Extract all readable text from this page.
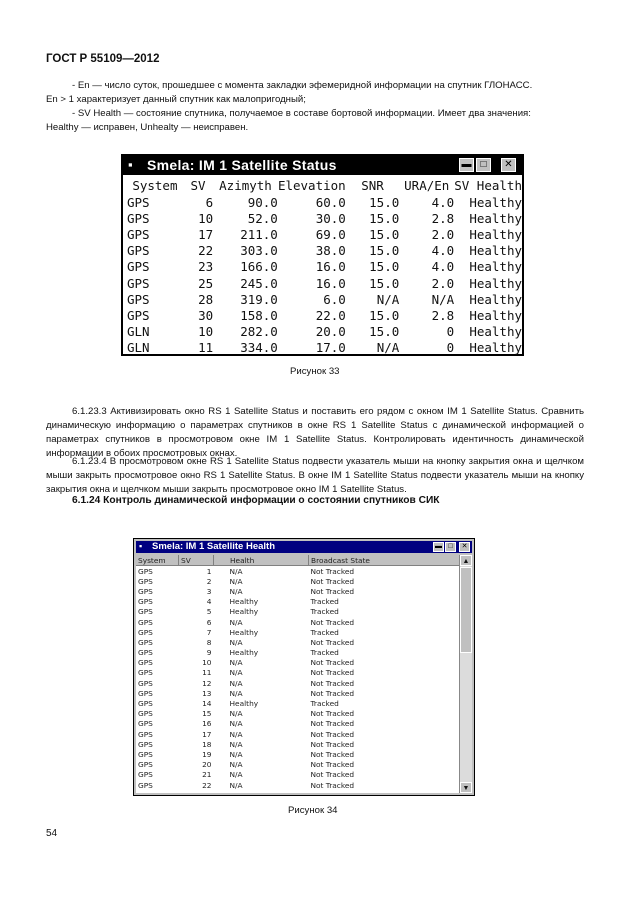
ГОСТ Р 55109—2012

- En — число суток, прошедшее с момента закладки эфемеридной информации на спутник ГЛОНАСС.
En > 1 характеризует данный спутник как малопригодный;

- SV Health — состояние спутника, получаемое в составе бортовой информации. Имеет два значения:
Healthy — исправен, Unhealty — неисправен.

▪ Smela: IM 1 Satellite Status	▬ □	✕
System	SV	Azimyth	Elevation	SNR	URA/En	SV Health
GPS	6	90.0	60.0	15.0	4.0	Healthy
GPS	10	52.0	30.0	15.0	2.8	Healthy
GPS	17	211.0	69.0	15.0	2.0	Healthy
GPS	22	303.0	38.0	15.0	4.0	Healthy
GPS	23	166.0	16.0	15.0	4.0	Healthy
GPS	25	245.0	16.0	15.0	2.0	Healthy
GPS	28	319.0	6.0	N/A	N/A	Healthy
GPS	30	158.0	22.0	15.0	2.8	Healthy
GLN	10	282.0	20.0	15.0	0	Healthy
GLN	11	334.0	17.0	N/A	0	Healthy
Рисунок 33

6.1.23.3 Активизировать окно RS 1 Satellite Status и поставить его рядом с окном IM 1 Satellite Status. Сравнить динамическую информацию о параметрах спутников в окне RS 1 Satellite Status с динамической информацией о параметрах спутников в просмотровом окне IM 1 Satellite Status. Контролировать идентичность динамической информации в обоих просмотровых окнах.

6.1.23.4 В просмотровом окне RS 1 Satellite Status подвести указатель мыши на кнопку закрытия окна и щелчком мыши закрыть просмотровое окно RS 1 Satellite Status. В окне IM 1 Satellite Status подвести указатель мыши на кнопку закрытия окна и щелчком мыши закрыть просмотровое окно IM 1 Satellite Status.

6.1.24 Контроль динамической информации о состоянии спутников СИК
▪ Smela: IM 1 Satellite Health	▬ □	✕
System	SV	Health	Broadcast State
GPS	1	N/A	Not Tracked
GPS	2	N/A	Not Tracked
GPS	3	N/A	Not Tracked
GPS	4	Healthy	Tracked
GPS	5	Healthy	Tracked
GPS	6	N/A	Not Tracked
GPS	7	Healthy	Tracked
GPS	8	N/A	Not Tracked
GPS	9	Healthy	Tracked
GPS	10	N/A	Not Tracked
GPS	11	N/A	Not Tracked
GPS	12	N/A	Not Tracked
GPS	13	N/A	Not Tracked
GPS	14	Healthy	Tracked
GPS	15	N/A	Not Tracked
GPS	16	N/A	Not Tracked
GPS	17	N/A	Not Tracked
GPS	18	N/A	Not Tracked
GPS	19	N/A	Not Tracked
GPS	20	N/A	Not Tracked
GPS	21	N/A	Not Tracked
GPS	22	N/A	Not Tracked
▲
▼
Рисунок 34
54
